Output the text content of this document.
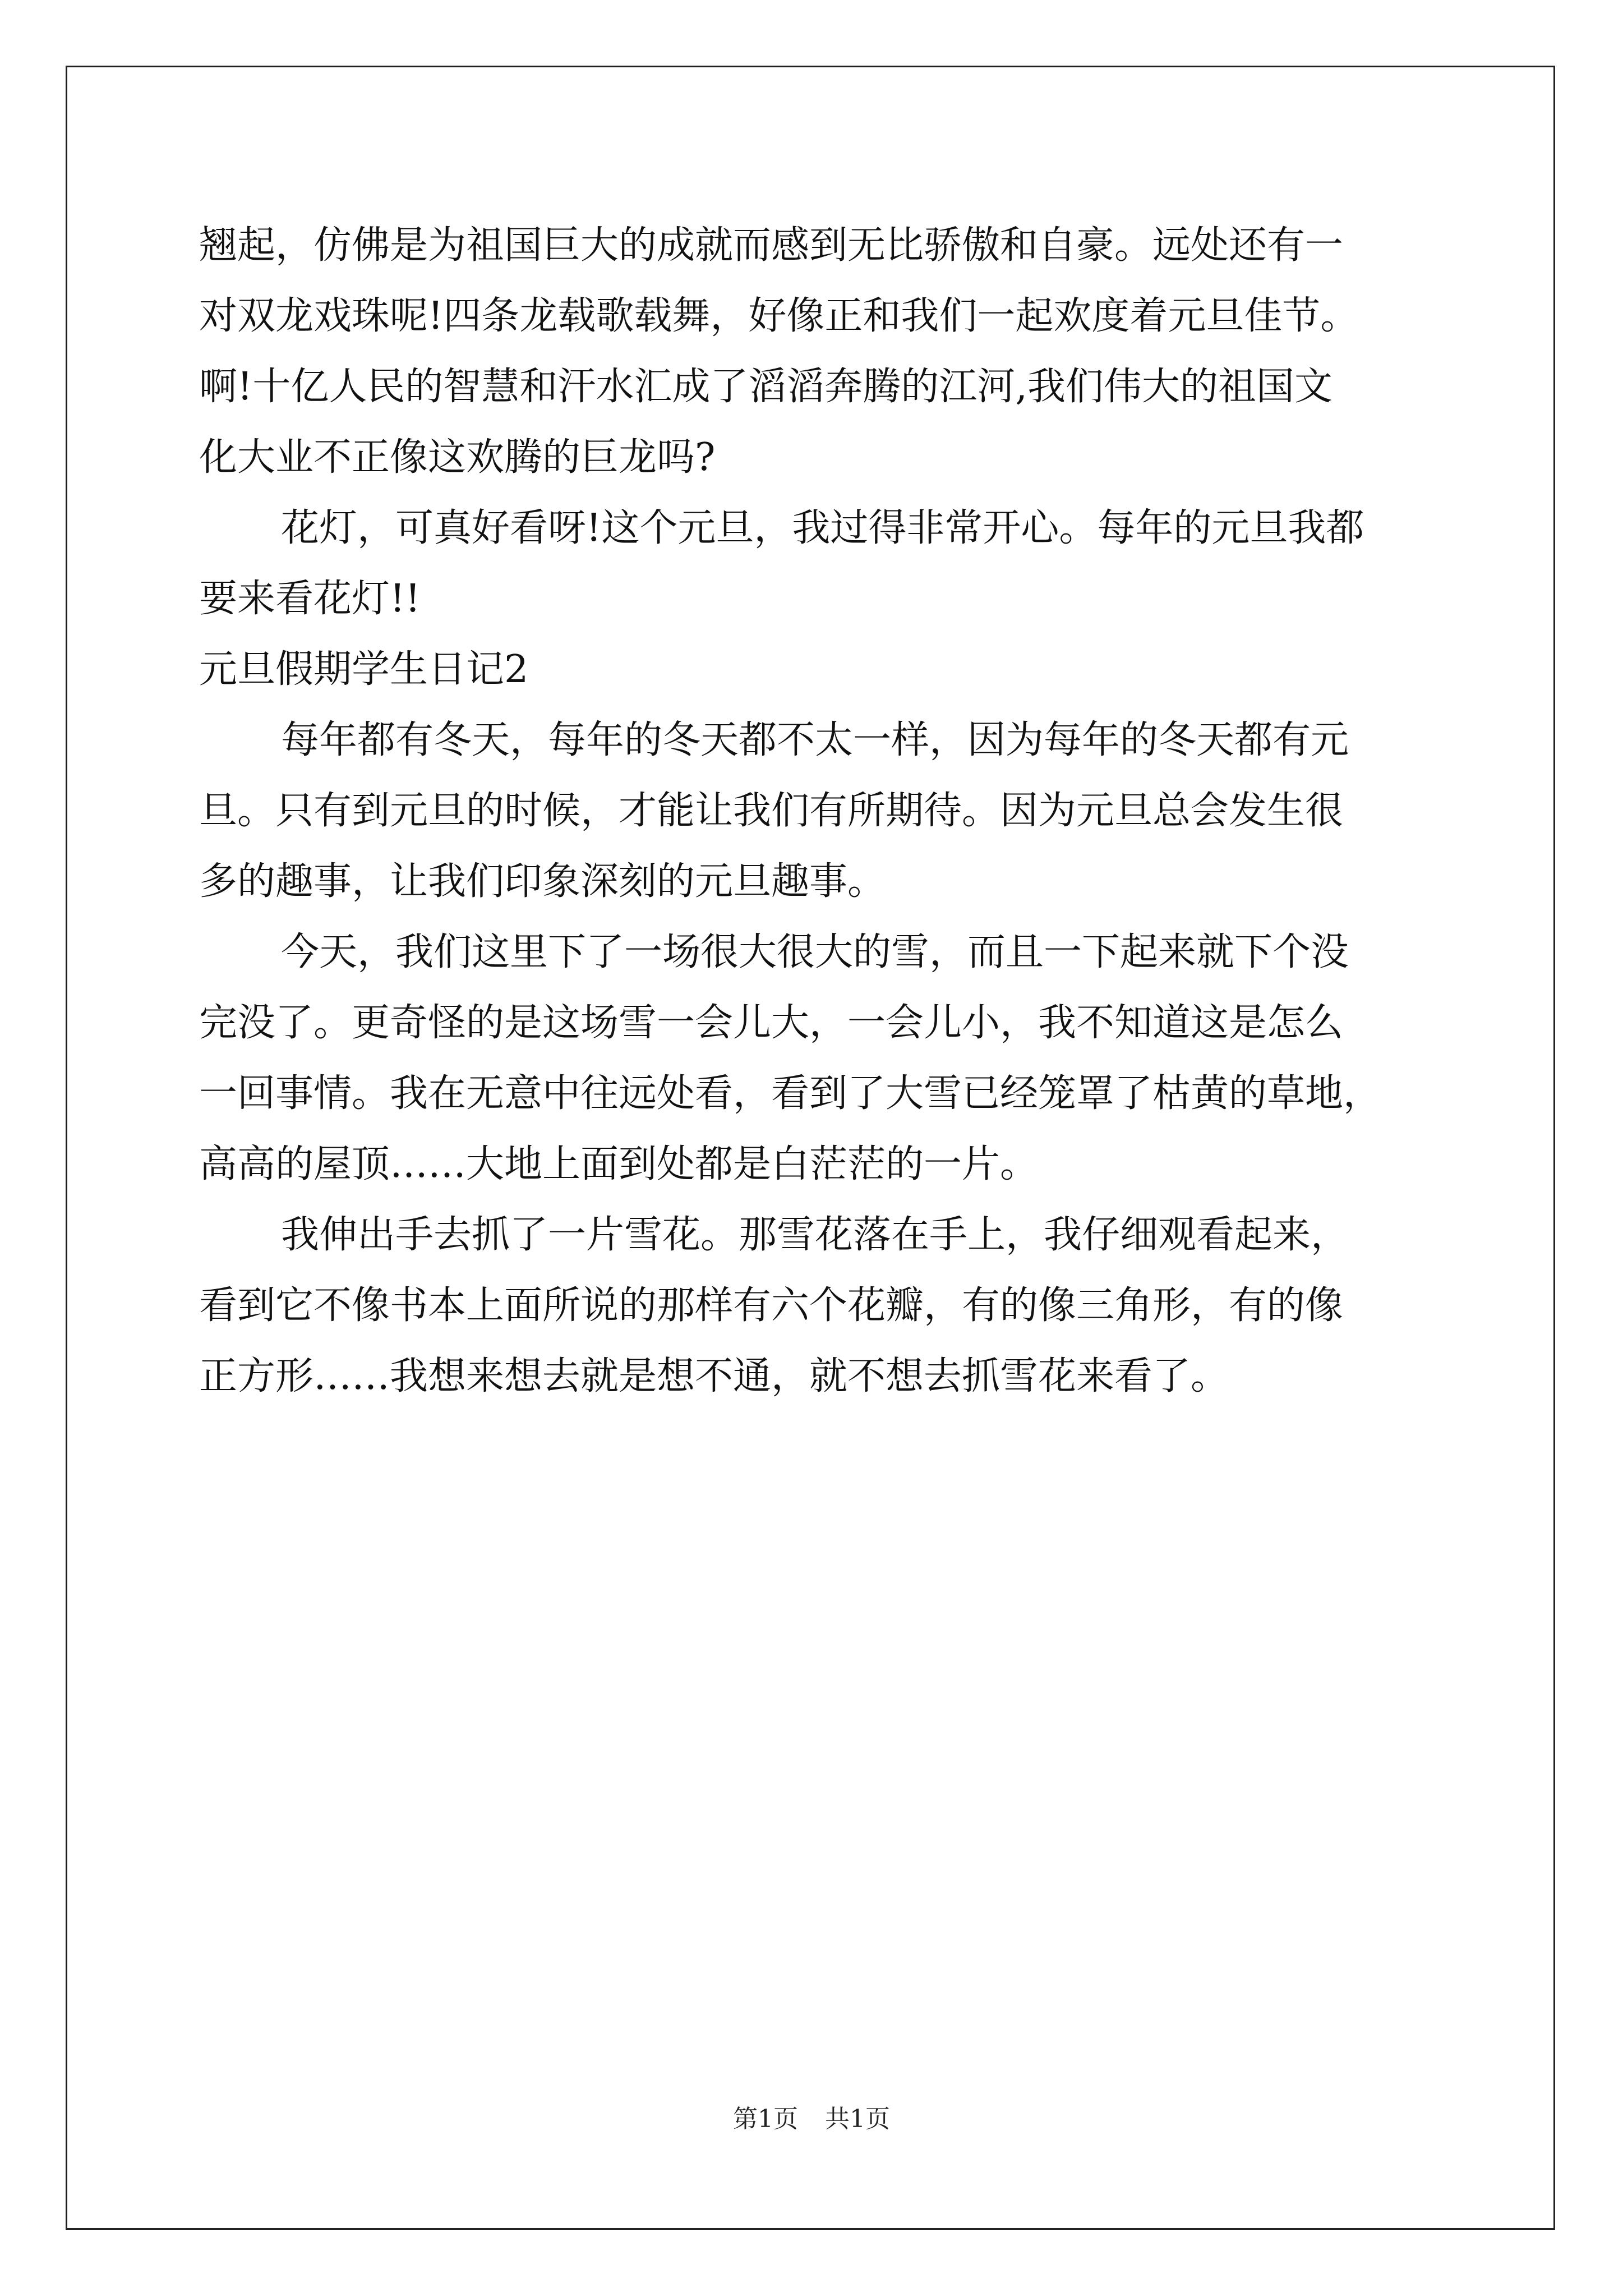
翘起，仿佛是为祖国巨大的成就而感到无比骄傲和自豪。远处还有一
对双龙戏珠呢!四条龙载歌载舞，好像正和我们一起欢度着元旦佳节。
啊!十亿人民的智慧和汗水汇成了滔滔奔腾的江河,我们伟大的祖国文
化大业不正像这欢腾的巨龙吗?
花灯，可真好看呀!这个元旦，我过得非常开心。每年的元旦我都
要来看花灯!!
元旦假期学生日记2
每年都有冬天，每年的冬天都不太一样，因为每年的冬天都有元
旦。只有到元旦的时候，才能让我们有所期待。因为元旦总会发生很
多的趣事，让我们印象深刻的元旦趣事。
今天，我们这里下了一场很大很大的雪，而且一下起来就下个没
完没了。更奇怪的是这场雪一会儿大，一会儿小，我不知道这是怎么
一回事情。我在无意中往远处看，看到了大雪已经笼罩了枯黄的草地，
高高的屋顶……大地上面到处都是白茫茫的一片。
我伸出手去抓了一片雪花。那雪花落在手上，我仔细观看起来，
看到它不像书本上面所说的那样有六个花瓣，有的像三角形，有的像
正方形……我想来想去就是想不通，就不想去抓雪花来看了。
第1页 共1页
